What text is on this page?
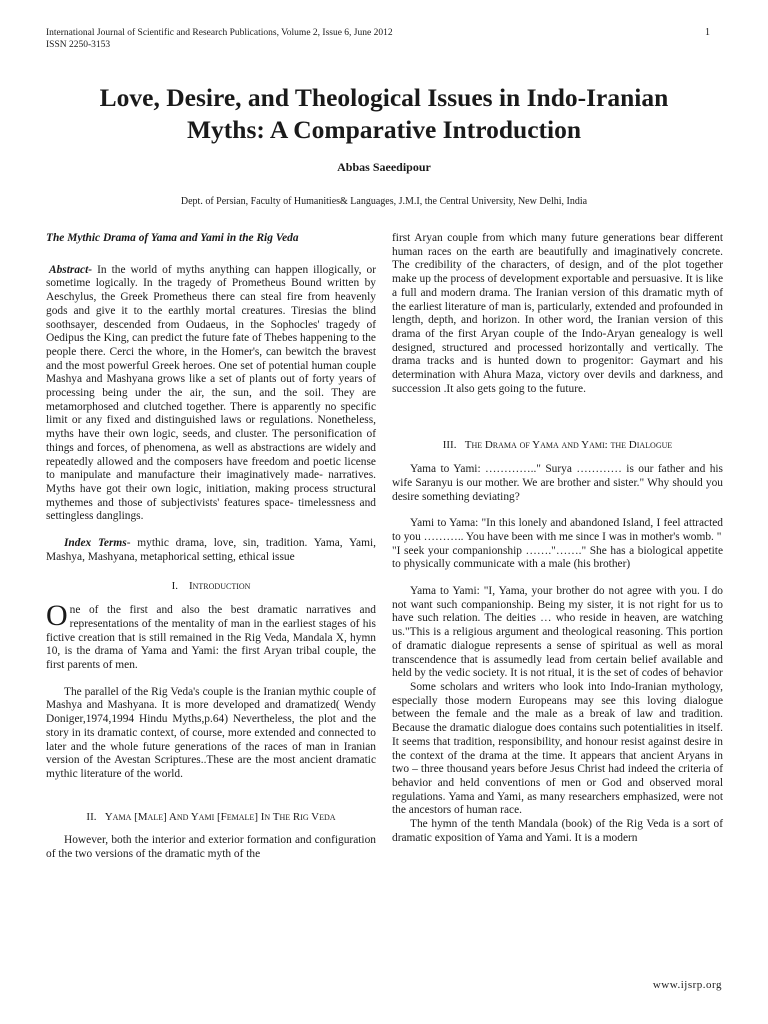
International Journal of Scientific and Research Publications, Volume 2, Issue 6, June 2012
ISSN 2250-3153
1
Love, Desire, and Theological Issues in Indo-Iranian
Myths: A Comparative Introduction
Abbas Saeedipour
Dept. of Persian, Faculty of Humanities& Languages, J.M.I, the Central University, New Delhi, India

The Mythic Drama of Yama and Yami in the Rig Veda

Abstract- In the world of myths anything can happen illogically, or sometime logically. In the tragedy of Prometheus Bound written by Aeschylus, the Greek Prometheus there can steal fire from heavenly gods and give it to the earthly mortal creatures. Tiresias the blind soothsayer, descended from Oudaeus, in the Sophocles' tragedy of Oedipus the King, can predict the future fate of Thebes happening to the people there. Cerci the whore, in the Homer's, can bewitch the bravest and the most powerful Greek heroes. One set of potential human couple Mashya and Mashyana grows like a set of plants out of forty years of processing being under the air, the sun, and the soil. They are metamorphosed and clutched together. There is apparently no specific limit or any fixed and distinguished laws or regulations. Nonetheless, myths have their own logic, seeds, and cluster. The personification of things and forces, of phenomena, as well as abstractions are widely and repeatedly allowed and the composers have freedom and poetic license to manipulate and manufacture their imaginatively made- narratives. Myths have got their own logic, initiation, making process structural mythemes and those of subjectivists' features space- timelessness and settingless danglings.

Index Terms- mythic drama, love, sin, tradition. Yama, Yami, Mashya, Mashyana, metaphorical setting, ethical issue

I. Introduction

One of the first and also the best dramatic narratives and representations of the mentality of man in the earliest stages of his fictive creation that is still remained in the Rig Veda, Mandala X, hymn 10, is the drama of Yama and Yami: the first Aryan tribal couple, the first parents of men.

The parallel of the Rig Veda's couple is the Iranian mythic couple of Mashya and Mashyana. It is more developed and dramatized( Wendy Doniger,1974,1994 Hindu Myths,p.64) Nevertheless, the plot and the story in its dramatic context, of course, more extended and connected to later and the whole future generations of the races of man in Iranian version of the Avestan Scriptures..These are the most ancient dramatic mythic literature of the world.

II. Yama [Male] And Yami [Female] In The Rig Veda

However, both the interior and exterior formation and configuration of the two versions of the dramatic myth of the

first Aryan couple from which many future generations bear different human races on the earth are beautifully and imaginatively concrete. The credibility of the characters, of design, and of the plot together make up the process of development exportable and persuasive. It is like a full and modern drama. The Iranian version of this dramatic myth of the earliest literature of man is, particularly, extended and profounded in length, depth, and horizon. In other word, the Iranian version of this drama of the first Aryan couple of the Indo-Aryan genealogy is well designed, structured and processed horizontally and vertically. The drama tracks and is hunted down to progenitor: Gaymart and his determination with Ahura Maza, victory over devils and darkness, and succession .It also gets going to the future.

III. The Drama of Yama and Yami: the Dialogue

Yama to Yami: ………….." Surya ………… is our father and his wife Saranyu is our mother. We are brother and sister." Why should you desire something deviating?

Yami to Yama: "In this lonely and abandoned Island, I feel attracted to you ……….. You have been with me since I was in mother's womb. "

"I seek your companionship ……."……." She has a biological appetite to physically communicate with a male (his brother)

Yama to Yami: "I, Yama, your brother do not agree with you. I do not want such companionship. Being my sister, it is not right for us to have such relation. The deities … who reside in heaven, are watching us."This is a religious argument and theological reasoning. This portion of dramatic dialogue represents a sense of spiritual as well as moral transcendence that is assumedly lead from certain belief available and held by the vedic society. It is not ritual, it is the set of codes of behavior

Some scholars and writers who look into Indo-Iranian mythology, especially those modern Europeans may see this loving dialogue between the female and the male as a break of law and tradition. Because the dramatic dialogue does contains such potentialities in itself. It seems that tradition, responsibility, and honour resist against desire in the context of the drama at the time. It appears that ancient Aryans in two – three thousand years before Jesus Christ had indeed the criteria of behavior and held conventions of men or God and observed moral regulations. Yama and Yami, as many researchers emphasized, were not the ancestors of human race.

The hymn of the tenth Mandala (book) of the Rig Veda is a sort of dramatic exposition of Yama and Yami. It is a modern

www.ijsrp.org
